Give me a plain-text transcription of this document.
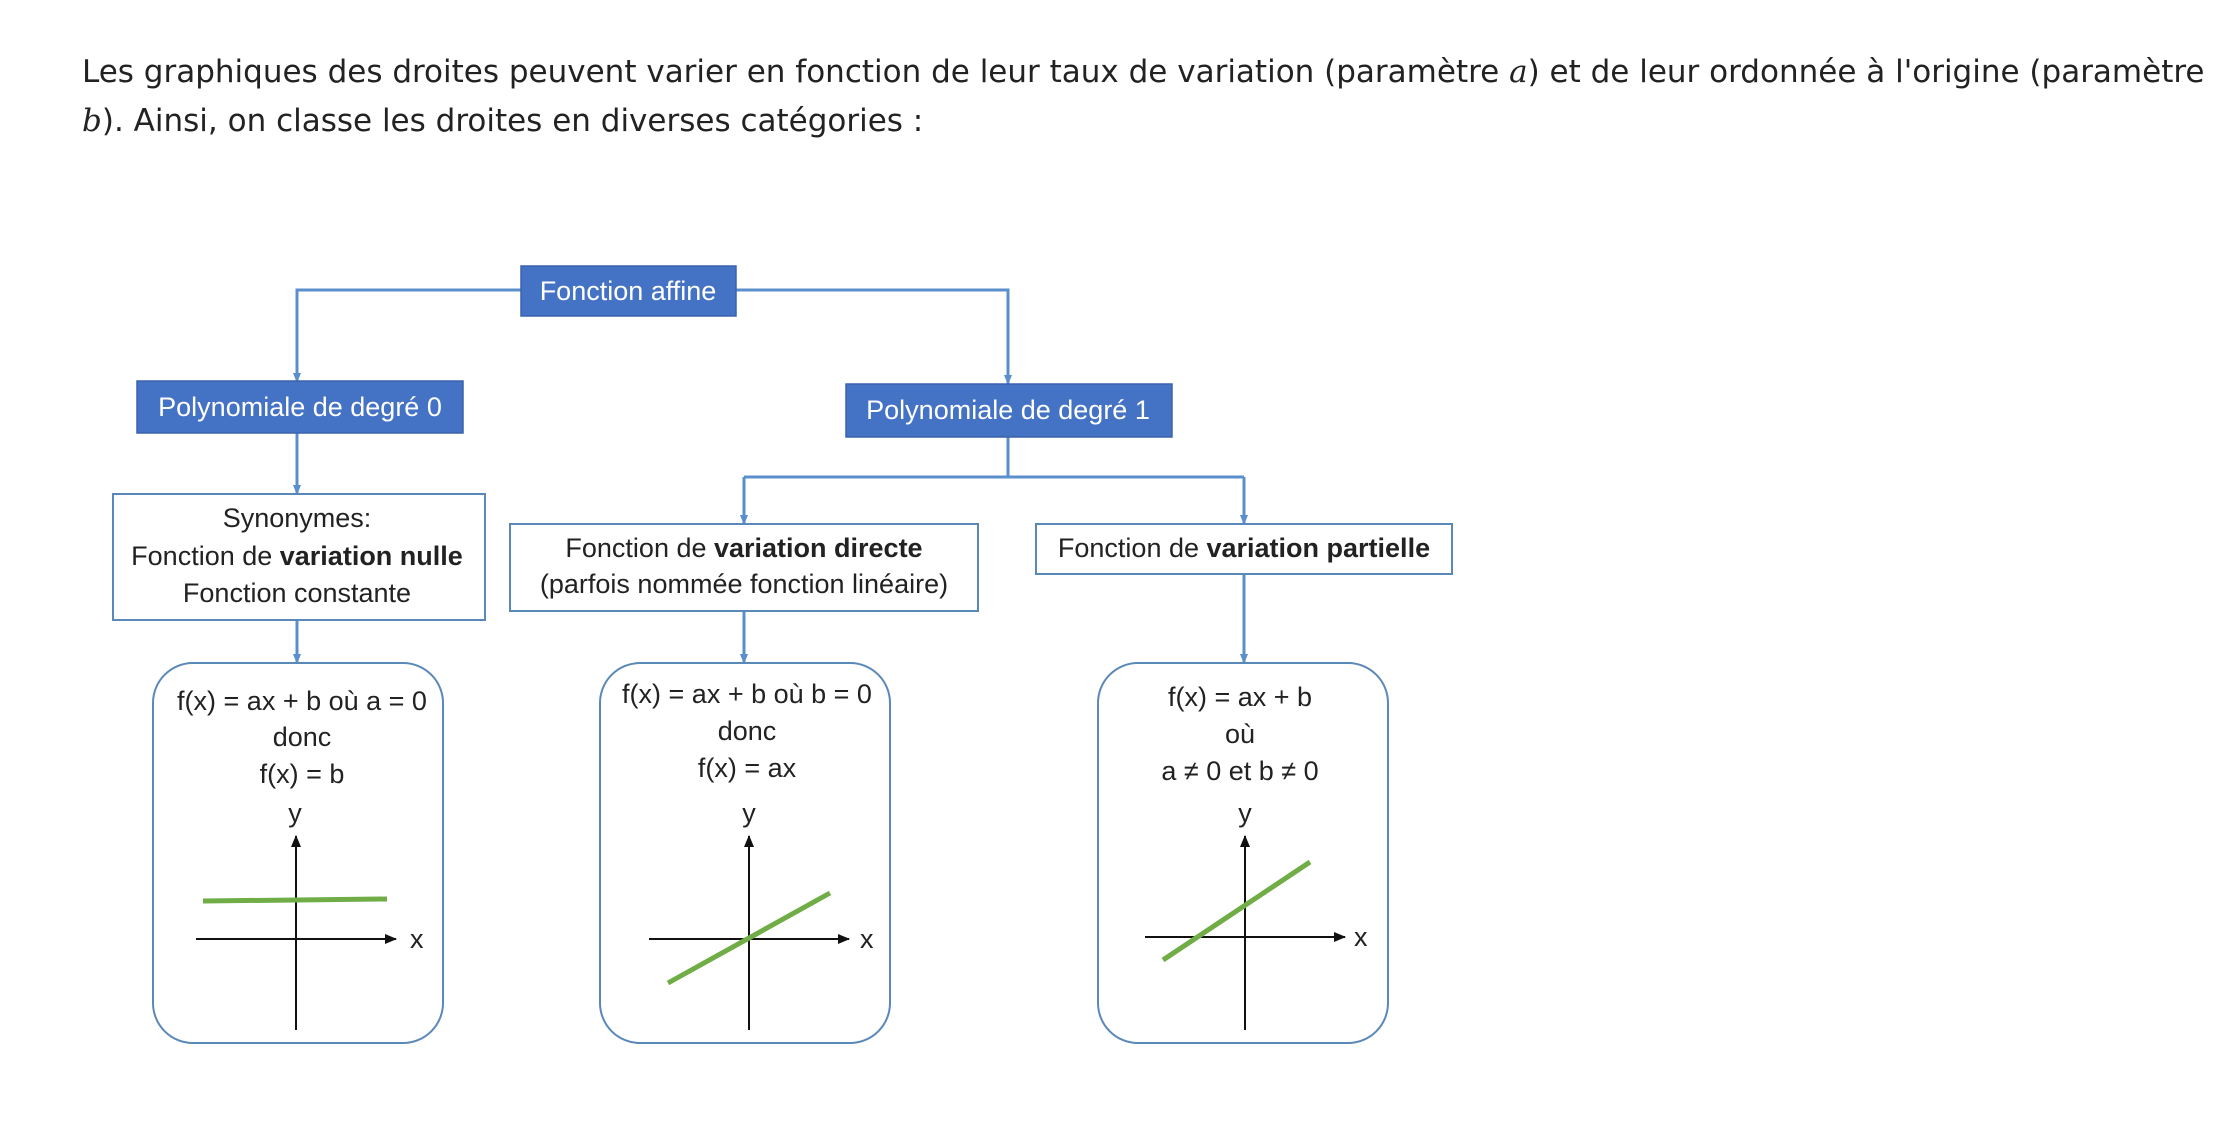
Les graphiques des droites peuvent varier en fonction de leur taux de variation (paramètre a) et de leur ordonnée à l'origine (paramètre
b). Ainsi, on classe les droites en diverses catégories :
Fonction affine
Polynomiale de degré 0	Polynomiale de degré 1
Synonymes:
Fonction de variation nulle
Fonction constante
Fonction de variation directe
(parfois nommée fonction linéaire)
Fonction de variation partielle
f(x) = ax + b où a = 0
donc
f(x) = b
y
x
f(x) = ax + b où b = 0
donc
f(x) = ax
y
x
f(x) = ax + b
où
a ≠ 0 et b ≠ 0
y
x
